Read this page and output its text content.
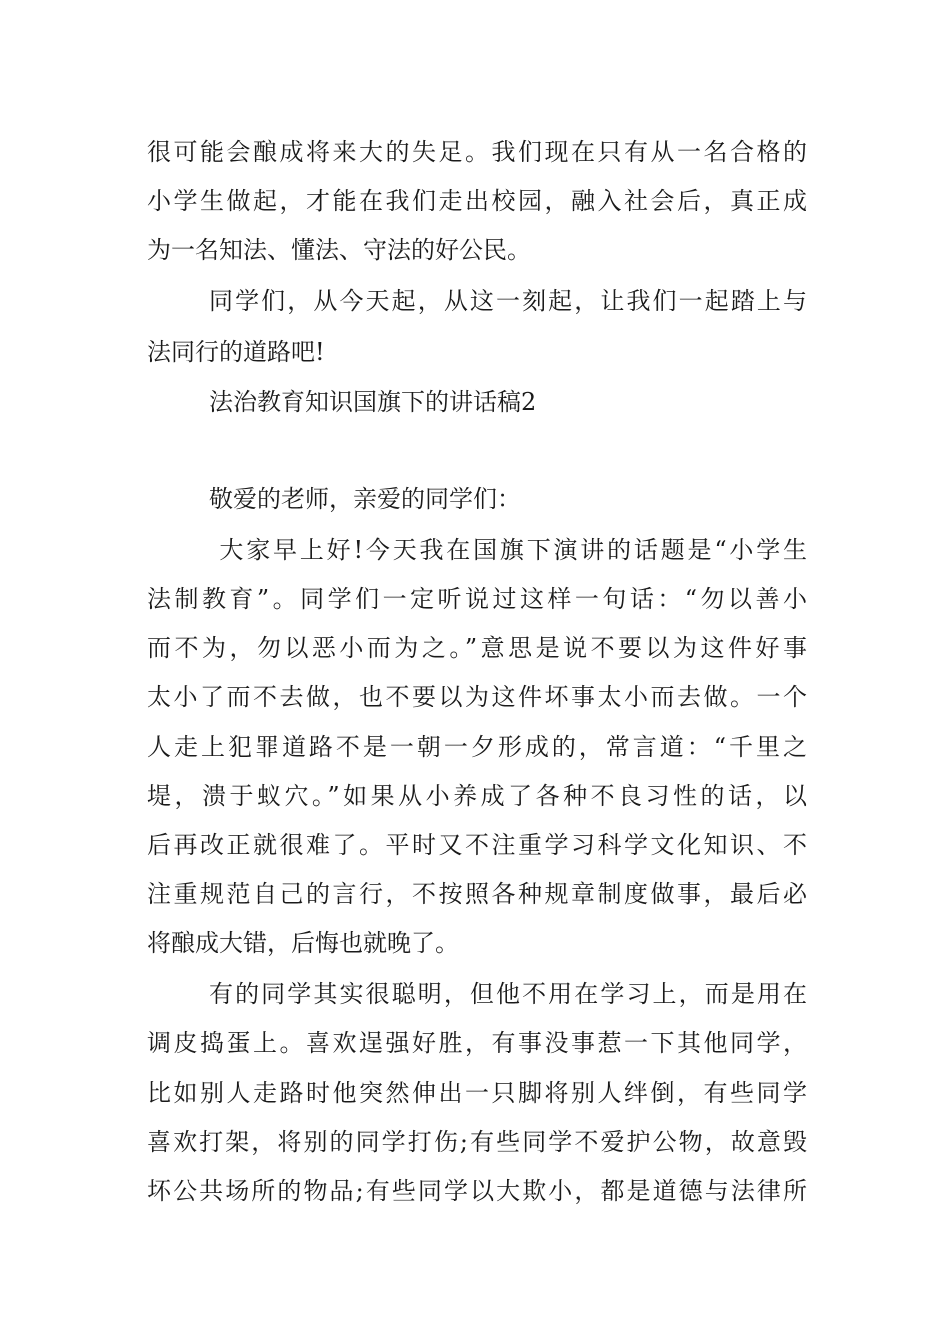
很可能会酿成将来大的失足。我们现在只有从一名合格的
小学生做起，才能在我们走出校园，融入社会后，真正成
为一名知法、懂法、守法的好公民。
同学们，从今天起，从这一刻起，让我们一起踏上与
法同行的道路吧!
法治教育知识国旗下的讲话稿2
敬爱的老师，亲爱的同学们：
大家早上好!今天我在国旗下演讲的话题是“小学生
法制教育”。同学们一定听说过这样一句话：“勿以善小
而不为，勿以恶小而为之。”意思是说不要以为这件好事
太小了而不去做，也不要以为这件坏事太小而去做。一个
人走上犯罪道路不是一朝一夕形成的，常言道：“千里之
堤，溃于蚁穴。”如果从小养成了各种不良习性的话，以
后再改正就很难了。平时又不注重学习科学文化知识、不
注重规范自己的言行，不按照各种规章制度做事，最后必
将酿成大错，后悔也就晚了。
有的同学其实很聪明，但他不用在学习上，而是用在
调皮捣蛋上。喜欢逞强好胜，有事没事惹一下其他同学，
比如别人走路时他突然伸出一只脚将别人绊倒，有些同学
喜欢打架，将别的同学打伤;有些同学不爱护公物，故意毁
坏公共场所的物品;有些同学以大欺小，都是道德与法律所
